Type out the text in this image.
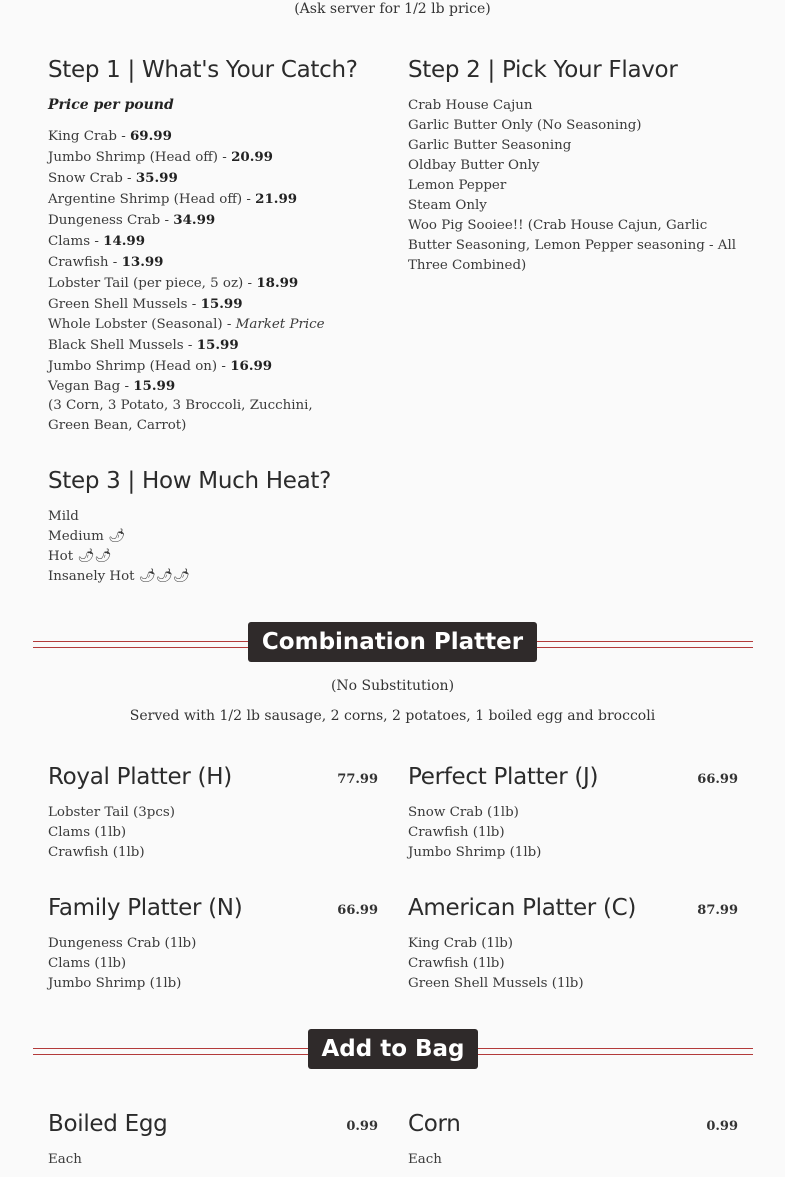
(Ask server for 1/2 lb price)
Step 1 | What's Your Catch?
Price per pound
King Crab - 69.99
Jumbo Shrimp (Head off) - 20.99
Snow Crab - 35.99
Argentine Shrimp (Head off) - 21.99
Dungeness Crab - 34.99
Clams - 14.99
Crawfish - 13.99
Lobster Tail (per piece, 5 oz) - 18.99
Green Shell Mussels - 15.99
Whole Lobster (Seasonal) - Market Price
Black Shell Mussels - 15.99
Jumbo Shrimp (Head on) - 16.99
Vegan Bag - 15.99
(3 Corn, 3 Potato, 3 Broccoli, Zucchini, Green Bean, Carrot)
Step 2 | Pick Your Flavor
Crab House Cajun
Garlic Butter Only (No Seasoning)
Garlic Butter Seasoning
Oldbay Butter Only
Lemon Pepper
Steam Only
Woo Pig Sooiee!! (Crab House Cajun, Garlic Butter Seasoning, Lemon Pepper seasoning - All Three Combined)
Step 3 | How Much Heat?
Mild
Medium 🌶
Hot 🌶🌶
Insanely Hot 🌶🌶🌶
Combination Platter
(No Substitution)
Served with 1/2 lb sausage, 2 corns, 2 potatoes, 1 boiled egg and broccoli
Royal Platter (H)	77.99
Lobster Tail (3pcs)
Clams (1lb)
Crawfish (1lb)
Perfect Platter (J)	66.99
Snow Crab (1lb)
Crawfish (1lb)
Jumbo Shrimp (1lb)
Family Platter (N)	66.99
Dungeness Crab (1lb)
Clams (1lb)
Jumbo Shrimp (1lb)
American Platter (C)	87.99
King Crab (1lb)
Crawfish (1lb)
Green Shell Mussels (1lb)
Add to Bag
Boiled Egg	0.99
Each
Corn	0.99
Each
